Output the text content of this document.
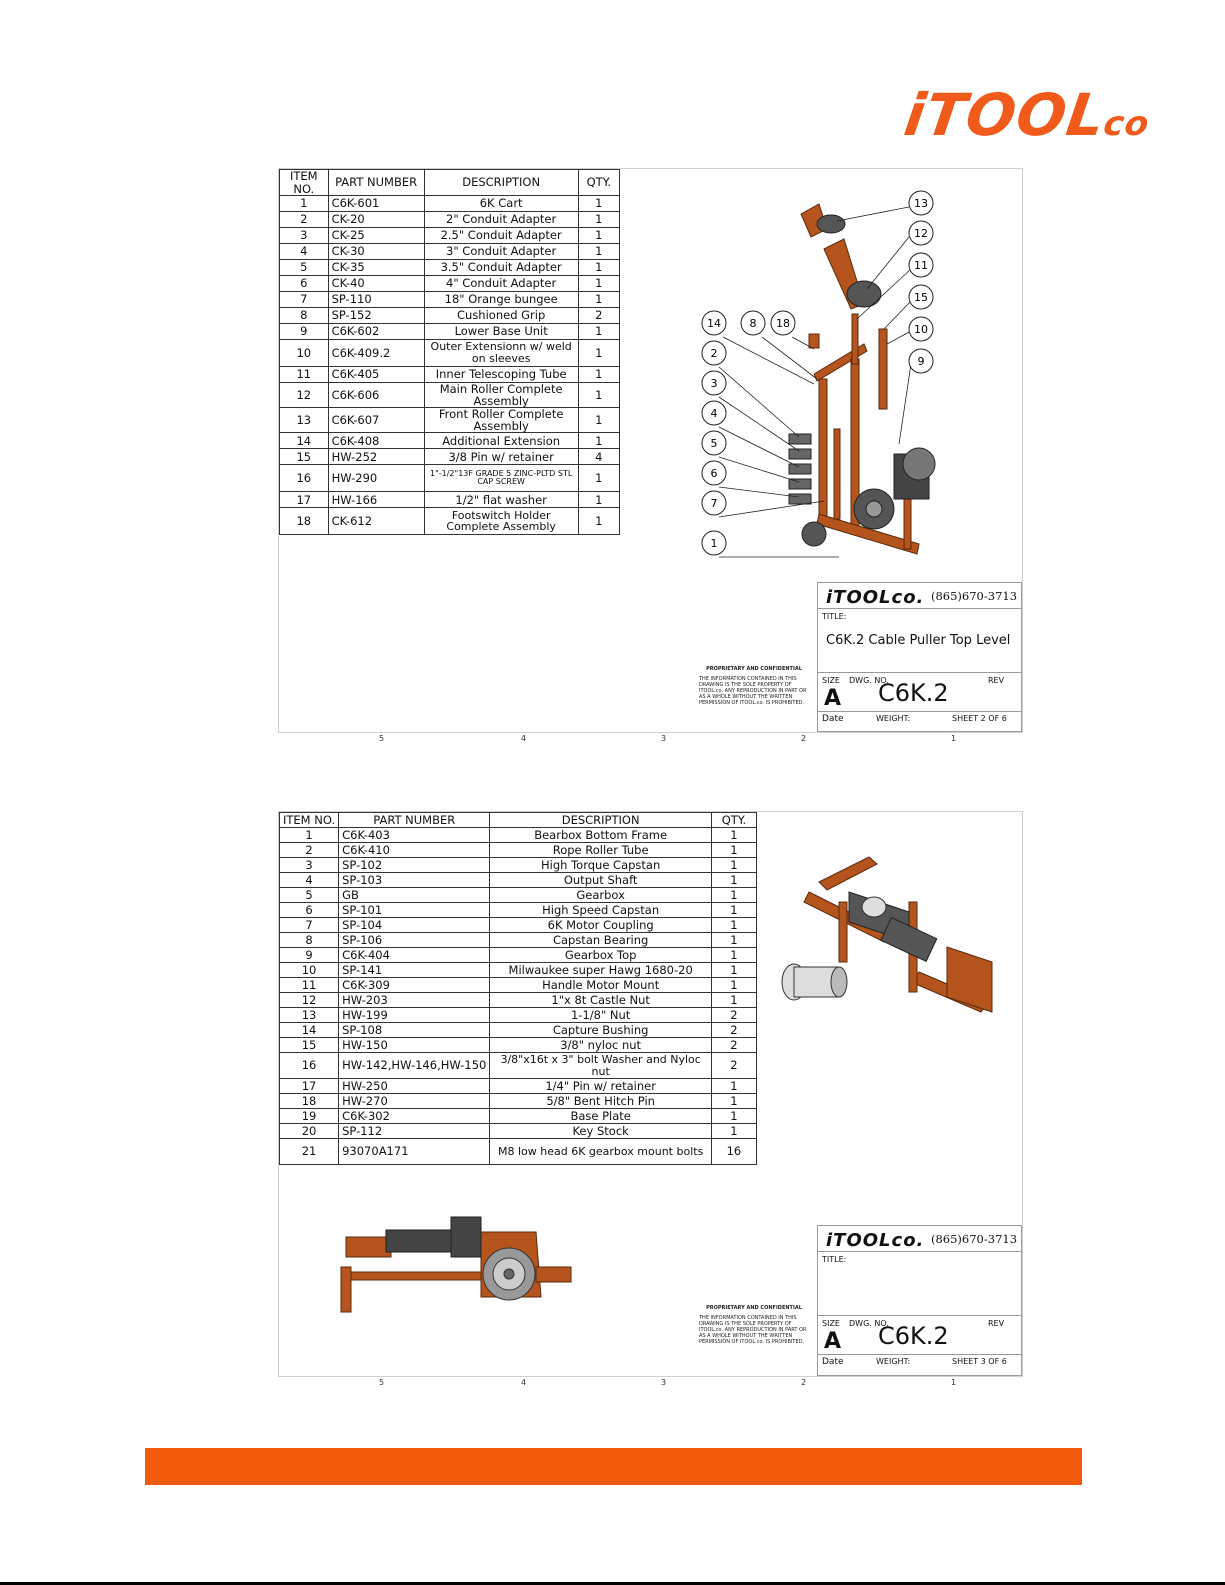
iTOOLco
ITEM NO.	PART NUMBER	DESCRIPTION	QTY.
1	C6K-601	6K Cart	1
2	CK-20	2" Conduit Adapter	1
3	CK-25	2.5" Conduit Adapter	1
4	CK-30	3" Conduit Adapter	1
5	CK-35	3.5" Conduit Adapter	1
6	CK-40	4" Conduit Adapter	1
7	SP-110	18" Orange bungee	1
8	SP-152	Cushioned Grip	2
9	C6K-602	Lower Base Unit	1
10	C6K-409.2	Outer Extensionn w/ weld on sleeves	1
11	C6K-405	Inner Telescoping Tube	1
12	C6K-606	Main Roller Complete Assembly	1
13	C6K-607	Front Roller Complete Assembly	1
14	C6K-408	Additional Extension	1
15	HW-252	3/8 Pin w/ retainer	4
16	HW-290	1"-1/2"13F GRADE 5 ZINC-PLTD STL CAP SCREW	1
17	HW-166	1/2" flat washer	1
18	CK-612	Footswitch Holder Complete Assembly	1
13
12
11
15
10
9
14	8 18
2
3
4
5
6
7
1
PROPRIETARY AND CONFIDENTIAL
THE INFORMATION CONTAINED IN THIS DRAWING IS THE SOLE PROPERTY OF ITOOL.co. ANY REPRODUCTION IN PART OR AS A WHOLE WITHOUT THE WRITTEN PERMISSION OF ITOOL.co. IS PROHIBITED.
iTOOLco. (865)670-3713
TITLE:
C6K.2 Cable Puller Top Level
SIZE
A
DWG. NO.
C6K.2	REV
Date	WEIGHT:	SHEET 2 OF 6
5	4	3	2	1
ITEM NO.	PART NUMBER	DESCRIPTION	QTY.
1	C6K-403	Bearbox Bottom Frame	1
2	C6K-410	Rope Roller Tube	1
3	SP-102	High Torque Capstan	1
4	SP-103	Output Shaft	1
5	GB	Gearbox	1
6	SP-101	High Speed Capstan	1
7	SP-104	6K Motor Coupling	1
8	SP-106	Capstan Bearing	1
9	C6K-404	Gearbox Top	1
10	SP-141	Milwaukee super Hawg 1680-20	1
11	C6K-309	Handle Motor Mount	1
12	HW-203	1"x 8t Castle Nut	1
13	HW-199	1-1/8" Nut	2
14	SP-108	Capture Bushing	2
15	HW-150	3/8" nyloc nut	2
16	HW-142,HW-146,HW-150	3/8"x16t x 3" bolt Washer and Nyloc nut	2
17	HW-250	1/4" Pin w/ retainer	1
18	HW-270	5/8" Bent Hitch Pin	1
19	C6K-302	Base Plate	1
20	SP-112	Key Stock	1
21	93070A171	M8 low head 6K gearbox mount bolts	16
PROPRIETARY AND CONFIDENTIAL
THE INFORMATION CONTAINED IN THIS DRAWING IS THE SOLE PROPERTY OF ITOOL.co. ANY REPRODUCTION IN PART OR AS A WHOLE WITHOUT THE WRITTEN PERMISSION OF ITOOL.co. IS PROHIBITED.
iTOOLco. (865)670-3713
TITLE:
SIZE
A
DWG. NO.
C6K.2	REV
Date	WEIGHT:	SHEET 3 OF 6
5	4	3	2	1
